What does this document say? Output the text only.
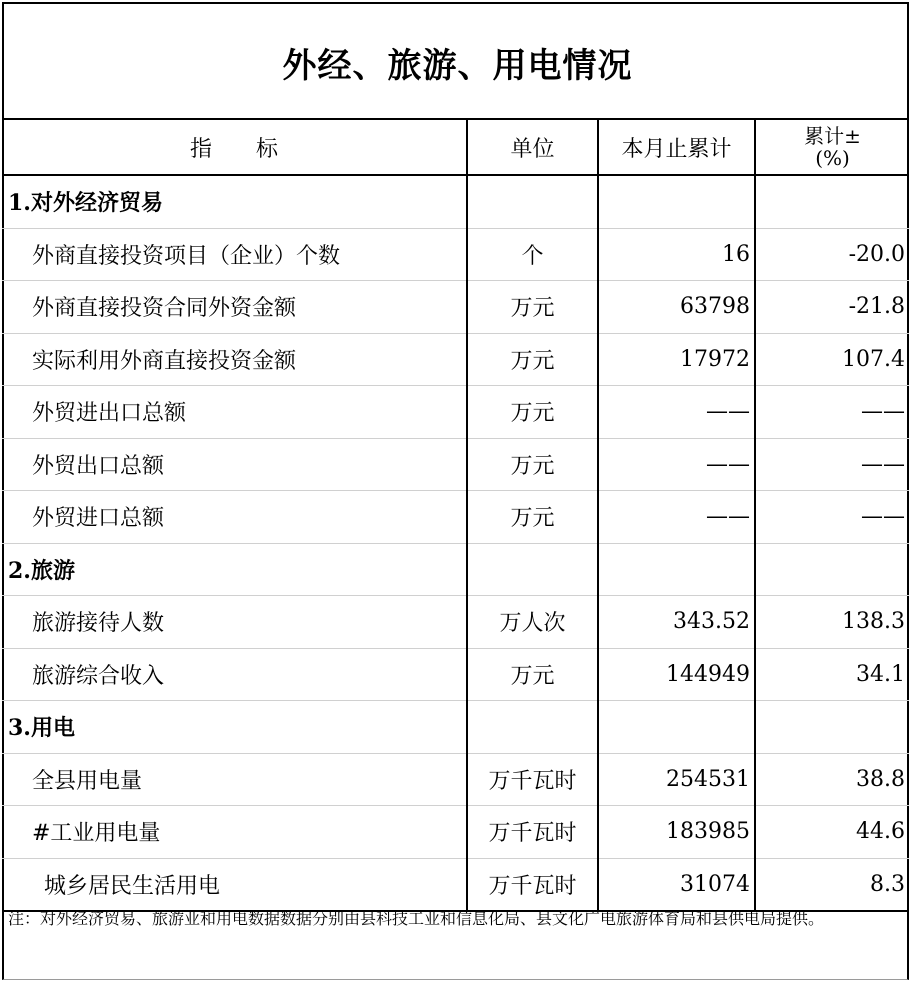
外经、旅游、用电情况
指　　标	单位	本月止累计	累计±
(%)

1.对外经济贸易			
外商直接投资项目（企业）个数	个	16	-20.0
外商直接投资合同外资金额	万元	63798	-21.8
实际利用外商直接投资金额	万元	17972	107.4
外贸进出口总额	万元	——	——
外贸出口总额	万元	——	——
外贸进口总额	万元	——	——
2.旅游			
旅游接待人数	万人次	343.52	138.3
旅游综合收入	万元	144949	34.1
3.用电			
全县用电量	万千瓦时	254531	38.8
#工业用电量	万千瓦时	183985	44.6
城乡居民生活用电	万千瓦时	31074	8.3
注：对外经济贸易、旅游业和用电数据数据分别由县科技工业和信息化局、县文化广电旅游体育局和县供电局提供。
